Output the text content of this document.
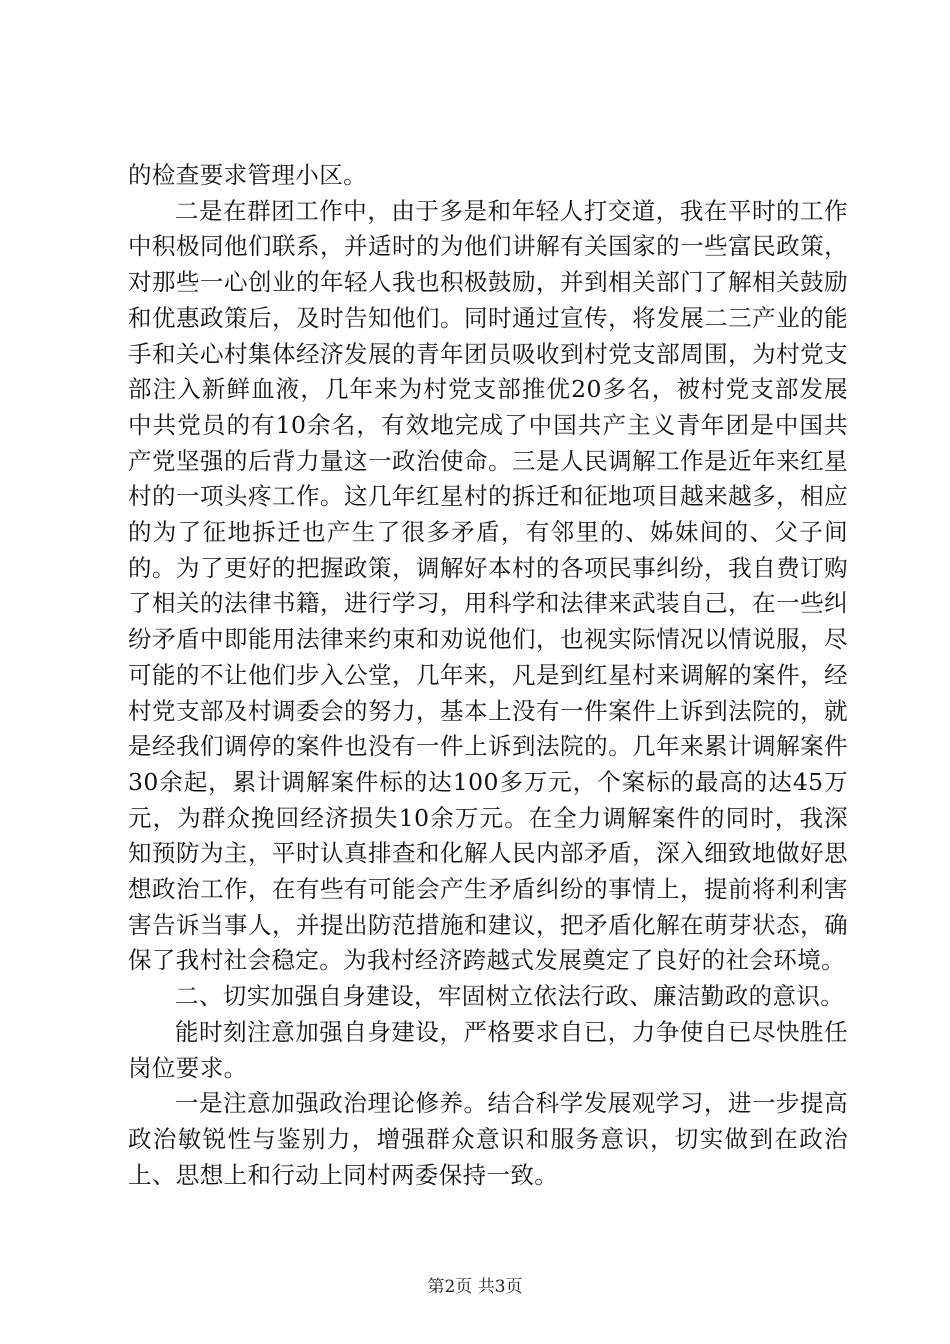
的检查要求管理小区。

二是在群团工作中，由于多是和年轻人打交道，我在平时的工作中积极同他们联系，并适时的为他们讲解有关国家的一些富民政策，对那些一心创业的年轻人我也积极鼓励，并到相关部门了解相关鼓励和优惠政策后，及时告知他们。同时通过宣传，将发展二三产业的能手和关心村集体经济发展的青年团员吸收到村党支部周围，为村党支部注入新鲜血液，几年来为村党支部推优20多名，被村党支部发展中共党员的有10余名，有效地完成了中国共产主义青年团是中国共产党坚强的后背力量这一政治使命。三是人民调解工作是近年来红星村的一项头疼工作。这几年红星村的拆迁和征地项目越来越多，相应的为了征地拆迁也产生了很多矛盾，有邻里的、姊妹间的、父子间的。为了更好的把握政策，调解好本村的各项民事纠纷，我自费订购了相关的法律书籍，进行学习，用科学和法律来武装自己，在一些纠纷矛盾中即能用法律来约束和劝说他们，也视实际情况以情说服，尽可能的不让他们步入公堂，几年来，凡是到红星村来调解的案件，经村党支部及村调委会的努力，基本上没有一件案件上诉到法院的，就是经我们调停的案件也没有一件上诉到法院的。几年来累计调解案件30余起，累计调解案件标的达100多万元，个案标的最高的达45万元，为群众挽回经济损失10余万元。在全力调解案件的同时，我深知预防为主，平时认真排查和化解人民内部矛盾，深入细致地做好思想政治工作，在有些有可能会产生矛盾纠纷的事情上，提前将利利害害告诉当事人，并提出防范措施和建议，把矛盾化解在萌芽状态，确保了我村社会稳定。为我村经济跨越式发展奠定了良好的社会环境。

二、切实加强自身建设，牢固树立依法行政、廉洁勤政的意识。

能时刻注意加强自身建设，严格要求自已，力争使自已尽快胜任岗位要求。

一是注意加强政治理论修养。结合科学发展观学习，进一步提高政治敏锐性与鉴别力，增强群众意识和服务意识，切实做到在政治上、思想上和行动上同村两委保持一致。

第2页 共3页
